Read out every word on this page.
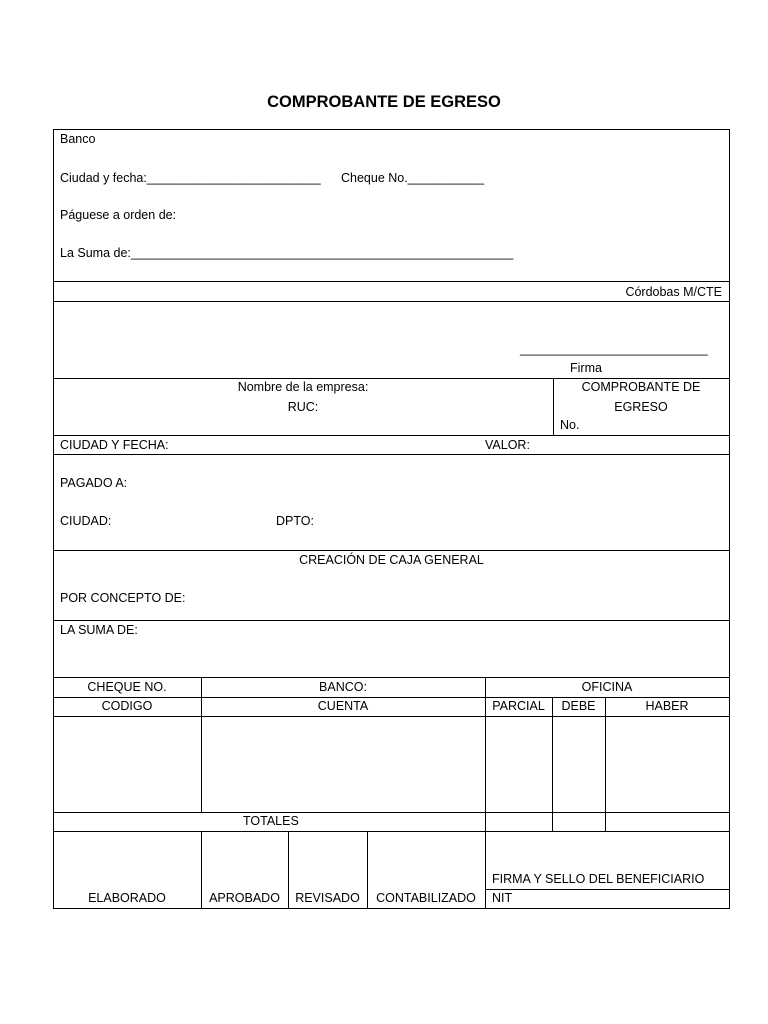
COMPROBANTE DE EGRESO
Banco
Ciudad y fecha:_________________________ Cheque No.___________
Páguese a orden de:
La Suma de:_______________________________________________________
Córdobas M/CTE
___________________________
Firma
Nombre de la empresa:
RUC:
COMPROBANTE DE
EGRESO
No.
CIUDAD Y FECHA:	VALOR:
PAGADO A:
CIUDAD:	DPTO:
CREACIÓN DE CAJA GENERAL
POR CONCEPTO DE:
LA SUMA DE:
CHEQUE NO.	BANCO:	OFICINA
CODIGO	CUENTA	PARCIAL	DEBE	HABER
TOTALES
ELABORADO	APROBADO	REVISADO	CONTABILIZADO
FIRMA Y SELLO DEL BENEFICIARIO
NIT
